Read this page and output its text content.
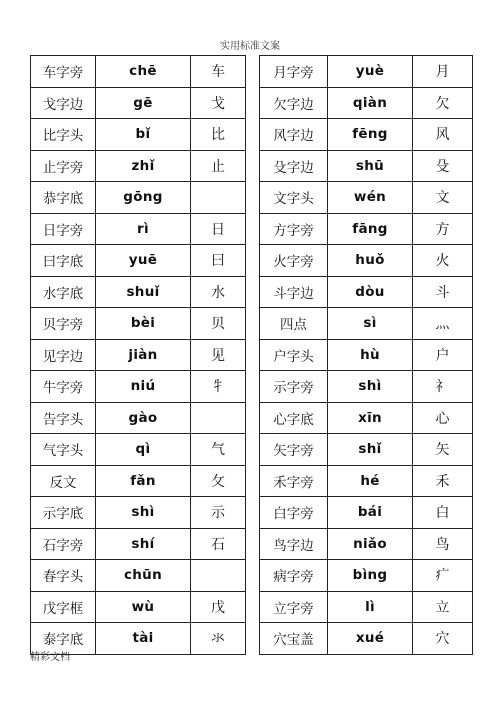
实用标准文案
车字旁	chē	车		月字旁	yuè	月
戈字边	gē	戈		欠字边	qiàn	欠
比字头	bǐ	比		风字边	fēng	风
止字旁	zhǐ	止		殳字边	shū	殳
恭字底	gōng			文字头	wén	文
日字旁	rì	日		方字旁	fāng	方
曰字底	yuē	曰		火字旁	huǒ	火
水字底	shuǐ	水		斗字边	dòu	斗
贝字旁	bèi	贝		四点	sì	灬
见字边	jiàn	见		户字头	hù	户
牛字旁	niú	牜		示字旁	shì	礻
告字头	gào			心字底	xīn	心
气字头	qì	气		矢字旁	shǐ	矢
反文	fǎn	攵		禾字旁	hé	禾
示字底	shì	示		白字旁	bái	白
石字旁	shí	石		鸟字边	niǎo	鸟
春字头	chūn			病字旁	bìng	疒
戊字框	wù	戊		立字旁	lì	立
泰字底	tài	氺		穴宝盖	xué	穴
精彩文档
